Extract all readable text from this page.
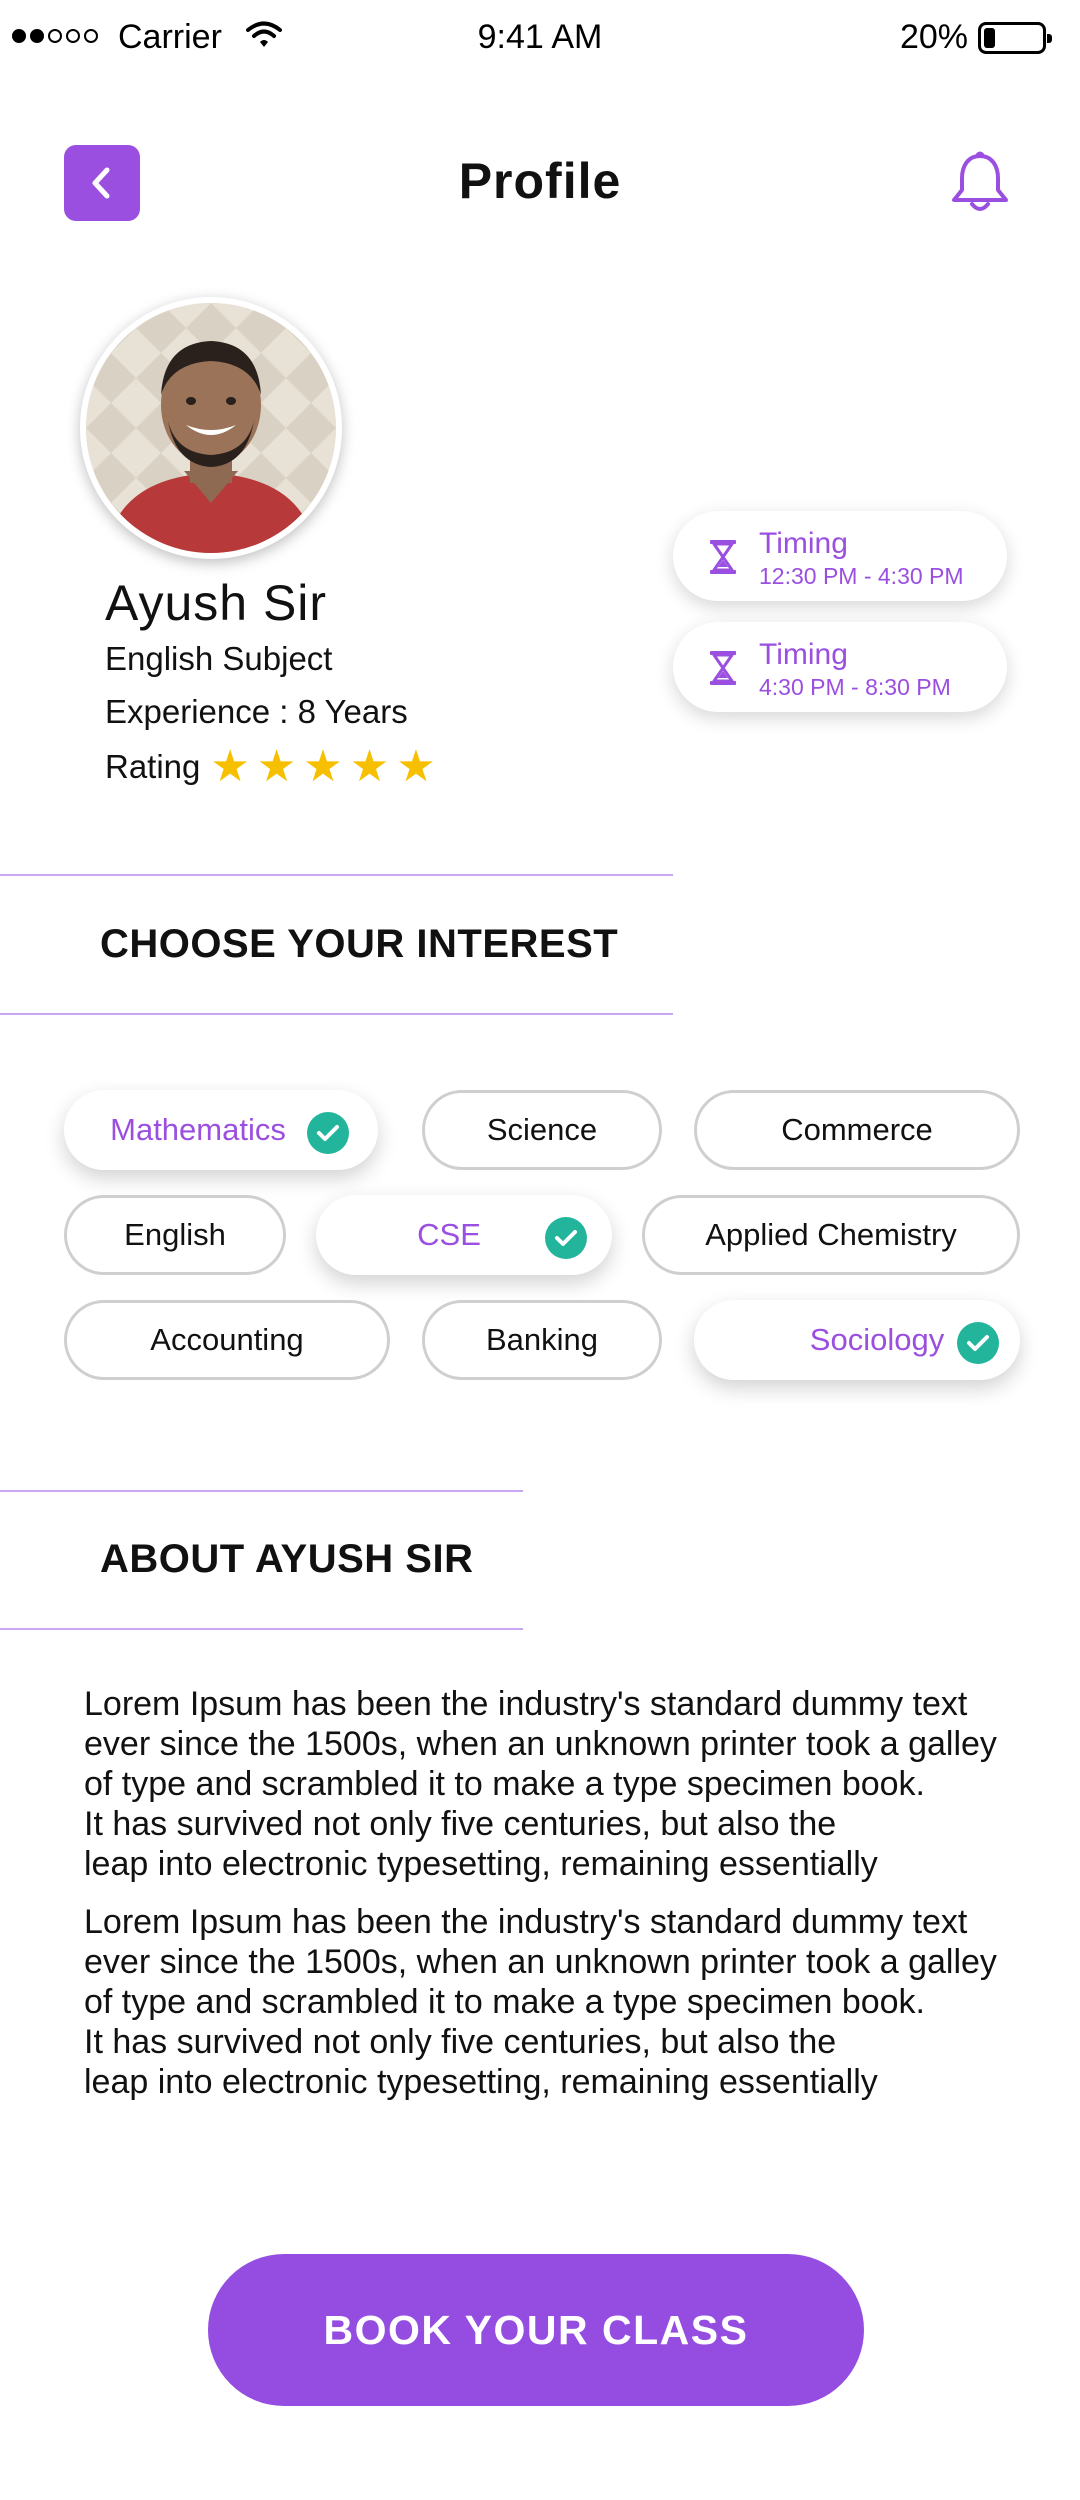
Carrier	9:41 AM	20%
Profile
Ayush Sir
English Subject
Experience : 8 Years
Rating ★ ★ ★ ★ ★
Timing
12:30 PM - 4:30 PM
Timing
4:30 PM - 8:30 PM
CHOOSE YOUR INTEREST
Mathematics	Science	Commerce
English	CSE	Applied Chemistry
Accounting	Banking	Sociology
ABOUT AYUSH SIR
Lorem Ipsum has been the industry's standard dummy text
ever since the 1500s, when an unknown printer took a galley
of type and scrambled it to make a type specimen book.
It has survived not only five centuries, but also the
leap into electronic typesetting, remaining essentially
Lorem Ipsum has been the industry's standard dummy text
ever since the 1500s, when an unknown printer took a galley
of type and scrambled it to make a type specimen book.
It has survived not only five centuries, but also the
leap into electronic typesetting, remaining essentially
BOOK YOUR CLASS
